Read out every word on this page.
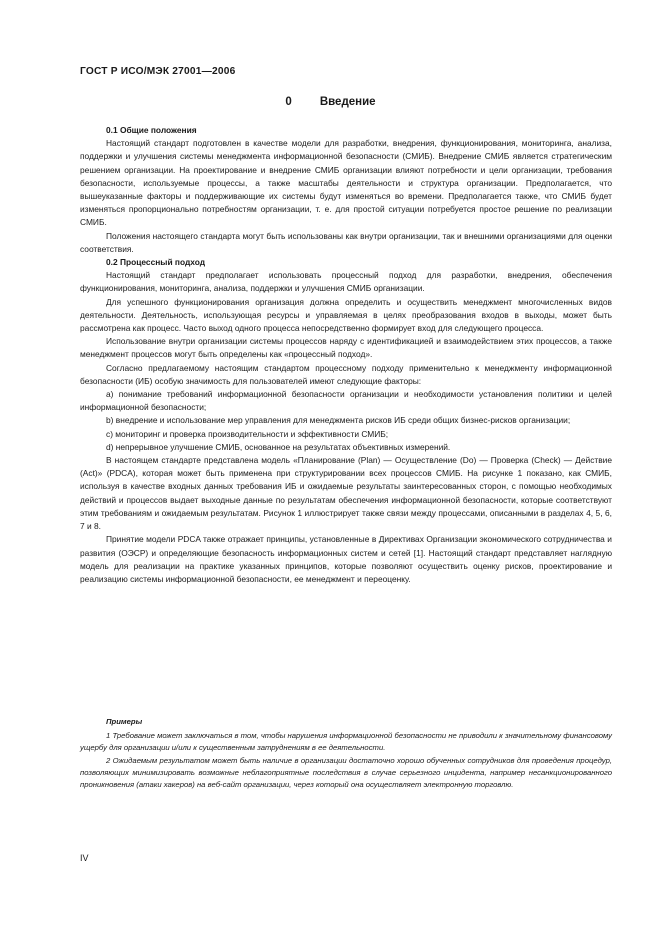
ГОСТ Р ИСО/МЭК 27001—2006
0 Введение

0.1 Общие положения

Настоящий стандарт подготовлен в качестве модели для разработки, внедрения, функционирования, мониторинга, анализа, поддержки и улучшения системы менеджмента информационной безопасности (СМИБ). Внедрение СМИБ является стратегическим решением организации. На проектирование и внедрение СМИБ организации влияют потребности и цели организации, требования безопасности, используемые процессы, а также масштабы деятельности и структура организации. Предполагается, что вышеуказанные факторы и поддерживающие их системы будут изменяться во времени. Предполагается также, что СМИБ будет изменяться пропорционально потребностям организации, т. е. для простой ситуации потребуется простое решение по реализации СМИБ.

Положения настоящего стандарта могут быть использованы как внутри организации, так и внешними организациями для оценки соответствия.

0.2 Процессный подход

Настоящий стандарт предполагает использовать процессный подход для разработки, внедрения, обеспечения функционирования, мониторинга, анализа, поддержки и улучшения СМИБ организации.

Для успешного функционирования организация должна определить и осуществить менеджмент многочисленных видов деятельности. Деятельность, использующая ресурсы и управляемая в целях преобразования входов в выходы, может быть рассмотрена как процесс. Часто выход одного процесса непосредственно формирует вход для следующего процесса.

Использование внутри организации системы процессов наряду с идентификацией и взаимодействием этих процессов, а также менеджмент процессов могут быть определены как «процессный подход».

Согласно предлагаемому настоящим стандартом процессному подходу применительно к менеджменту информационной безопасности (ИБ) особую значимость для пользователей имеют следующие факторы:

а) понимание требований информационной безопасности организации и необходимости установления политики и целей информационной безопасности;

b) внедрение и использование мер управления для менеджмента рисков ИБ среди общих бизнес-рисков организации;

с) мониторинг и проверка производительности и эффективности СМИБ;

d) непрерывное улучшение СМИБ, основанное на результатах объективных измерений.

В настоящем стандарте представлена модель «Планирование (Plan) — Осуществление (Do) — Проверка (Check) — Действие (Act)» (PDCA), которая может быть применена при структурировании всех процессов СМИБ. На рисунке 1 показано, как СМИБ, используя в качестве входных данных требования ИБ и ожидаемые результаты заинтересованных сторон, с помощью необходимых действий и процессов выдает выходные данные по результатам обеспечения информационной безопасности, которые соответствуют этим требованиям и ожидаемым результатам. Рисунок 1 иллюстрирует также связи между процессами, описанными в разделах 4, 5, 6, 7 и 8.

Принятие модели PDCA также отражает принципы, установленные в Директивах Организации экономического сотрудничества и развития (ОЭСР) и определяющие безопасность информационных систем и сетей [1]. Настоящий стандарт представляет наглядную модель для реализации на практике указанных принципов, которые позволяют осуществить оценку рисков, проектирование и реализацию системы информационной безопасности, ее менеджмент и переоценку.

Примеры

1 Требование может заключаться в том, чтобы нарушения информационной безопасности не приводили к значительному финансовому ущербу для организации и/или к существенным затруднениям в ее деятельности.

2 Ожидаемым результатом может быть наличие в организации достаточно хорошо обученных сотрудников для проведения процедур, позволяющих минимизировать возможные неблагоприятные последствия в случае серьезного инцидента, например несанкционированного проникновения (атаки хакеров) на веб-сайт организации, через который она осуществляет электронную торговлю.

IV
